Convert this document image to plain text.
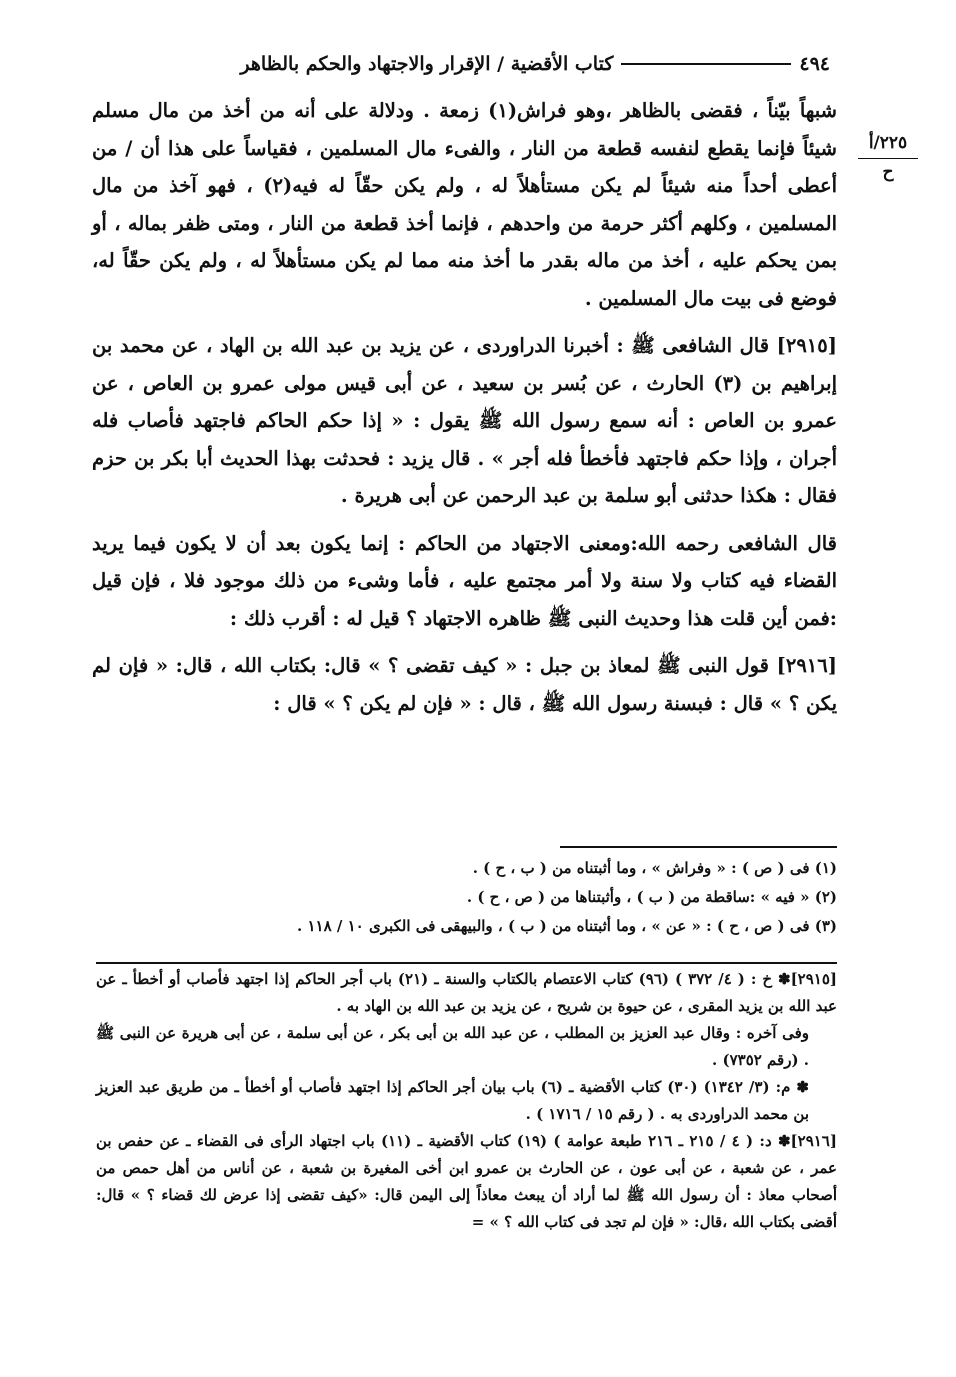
٤٩٤
كتاب الأقضية / الإقرار والاجتهاد والحكم بالظاهر
٢٢٥/أ
ح

شبهاً بيّناً ، فقضى بالظاهر ،وهو فراش(١) زمعة . ودلالة على أنه من أخذ من مال مسلم شيئاً فإنما يقطع لنفسه قطعة من النار ، والفىء مال المسلمين ، فقياساً على هذا أن / من أعطى أحداً منه شيئاً لم يكن مستأهلاً له ، ولم يكن حقّاً له فيه(٢) ، فهو آخذ من مال المسلمين ، وكلهم أكثر حرمة من واحدهم ، فإنما أخذ قطعة من النار ، ومتى ظفر بماله ، أو بمن يحكم عليه ، أخذ من ماله بقدر ما أخذ منه مما لم يكن مستأهلاً له ، ولم يكن حقّاً له، فوضع فى بيت مال المسلمين .

[٢٩١٥] قال الشافعى ﷺ : أخبرنا الدراوردى ، عن يزيد بن عبد الله بن الهاد ، عن محمد بن إبراهيم بن (٣) الحارث ، عن بُسر بن سعيد ، عن أبى قيس مولى عمرو بن العاص ، عن عمرو بن العاص : أنه سمع رسول الله ﷺ يقول : « إذا حكم الحاكم فاجتهد فأصاب فله أجران ، وإذا حكم فاجتهد فأخطأ فله أجر » . قال يزيد : فحدثت بهذا الحديث أبا بكر بن حزم فقال : هكذا حدثنى أبو سلمة بن عبد الرحمن عن أبى هريرة .

قال الشافعى رحمه الله:ومعنى الاجتهاد من الحاكم : إنما يكون بعد أن لا يكون فيما يريد القضاء فيه كتاب ولا سنة ولا أمر مجتمع عليه ، فأما وشىء من ذلك موجود فلا ، فإن قيل :فمن أين قلت هذا وحديث النبى ﷺ ظاهره الاجتهاد ؟ قيل له : أقرب ذلك :

[٢٩١٦] قول النبى ﷺ لمعاذ بن جبل : « كيف تقضى ؟ » قال: بكتاب الله ، قال: « فإن لم يكن ؟ » قال : فبسنة رسول الله ﷺ ، قال : « فإن لم يكن ؟ » قال :

(١) فى ( ص ) : « وفراش » ، وما أثبتناه من ( ب ، ح ) .
(٢) « فيه » :ساقطة من ( ب ) ، وأثبتناها من ( ص ، ح ) .
(٣) فى ( ص ، ح ) : « عن » ، وما أثبتناه من ( ب ) ، والبيهقى فى الكبرى ١٠ / ١١٨ .

[٢٩١٥]✽ خ : ( ٤/ ٣٧٢ ) (٩٦) كتاب الاعتصام بالكتاب والسنة ـ (٢١) باب أجر الحاكم إذا اجتهد فأصاب أو أخطأ ـ عن عبد الله بن يزيد المقرى ، عن حيوة بن شريح ، عن يزيد بن عبد الله بن الهاد به .

وفى آخره : وقال عبد العزيز بن المطلب ، عن عبد الله بن أبى بكر ، عن أبى سلمة ، عن أبى هريرة عن النبى ﷺ . (رقم ٧٣٥٢) .

✽ م: (٣/ ١٣٤٢) (٣٠) كتاب الأقضية ـ (٦) باب بيان أجر الحاكم إذا اجتهد فأصاب أو أخطأ ـ من طريق عبد العزيز بن محمد الدراوردى به . ( رقم ١٥ / ١٧١٦ ) .

[٢٩١٦]✽ د: ( ٤ / ٢١٥ ـ ٢١٦ طبعة عوامة ) (١٩) كتاب الأقضية ـ (١١) باب اجتهاد الرأى فى القضاء ـ عن حفص بن عمر ، عن شعبة ، عن أبى عون ، عن الحارث بن عمرو ابن أخى المغيرة بن شعبة ، عن أناس من أهل حمص من أصحاب معاذ : أن رسول الله ﷺ لما أراد أن يبعث معاذاً إلى اليمن قال: «كيف تقضى إذا عرض لك قضاء ؟ » قال: أقضى بكتاب الله ،قال: « فإن لم تجد فى كتاب الله ؟ » =
